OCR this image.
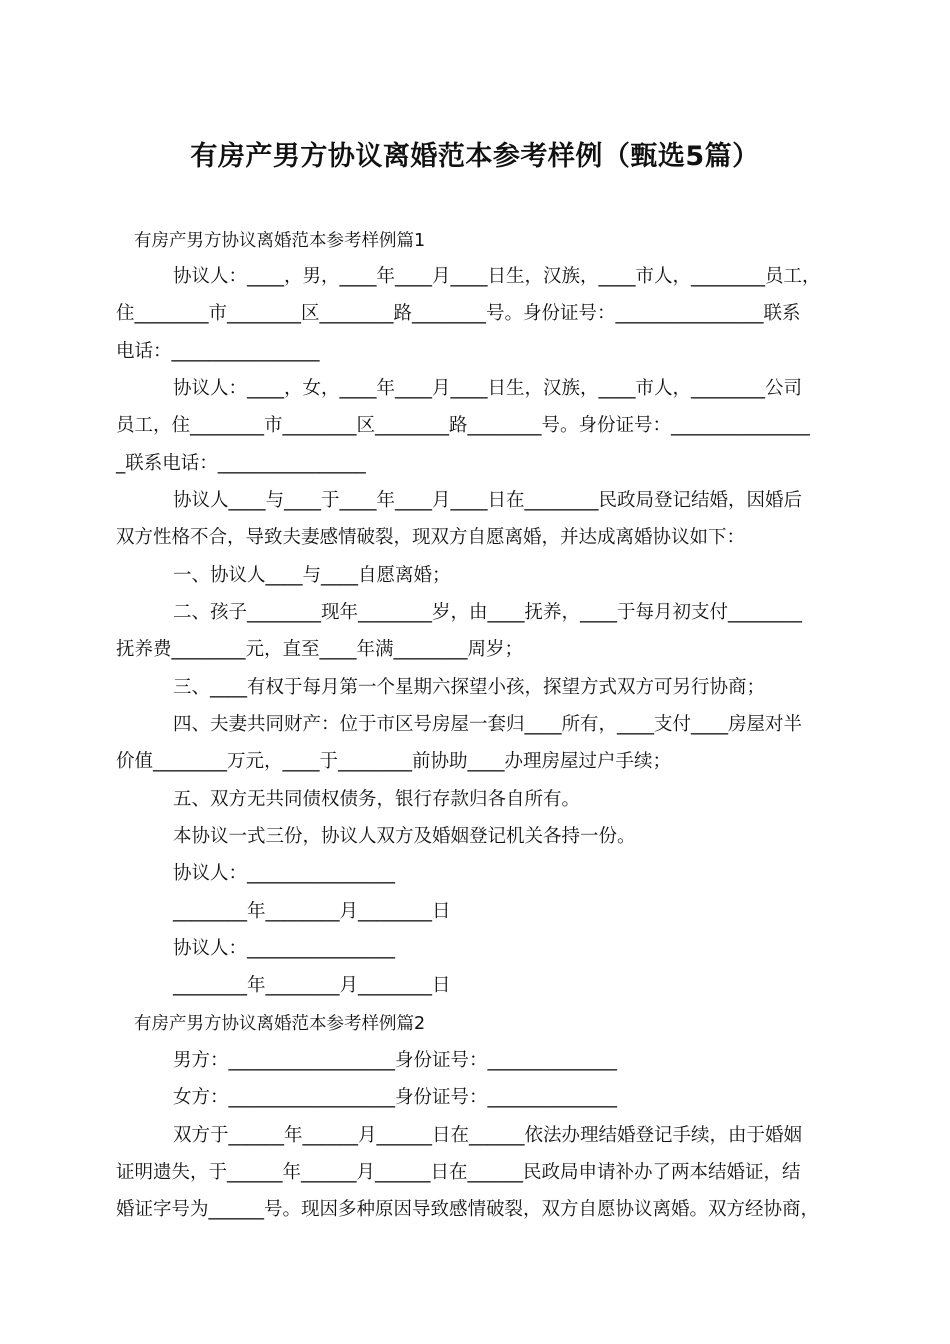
有房产男方协议离婚范本参考样例（甄选5篇）
有房产男方协议离婚范本参考样例篇1
协议人：____，男，____年____月____日生，汉族，____市人，________员工，
住________市________区________路________号。身份证号：________________联系
电话：________________
协议人：____，女，____年____月____日生，汉族，____市人，________公司
员工，住________市________区________路________号。身份证号：_______________
_联系电话：________________
协议人____与____于____年____月____日在________民政局登记结婚，因婚后
双方性格不合，导致夫妻感情破裂，现双方自愿离婚，并达成离婚协议如下：
一、协议人____与____自愿离婚；
二、孩子________现年________岁，由____抚养，____于每月初支付________
抚养费________元，直至____年满________周岁；
三、____有权于每月第一个星期六探望小孩，探望方式双方可另行协商；
四、夫妻共同财产：位于市区号房屋一套归____所有，____支付____房屋对半
价值________万元，____于________前协助____办理房屋过户手续；
五、双方无共同债权债务，银行存款归各自所有。
本协议一式三份，协议人双方及婚姻登记机关各持一份。
协议人：________________
________年________月________日
协议人：________________
________年________月________日
有房产男方协议离婚范本参考样例篇2
男方：__________________身份证号：______________
女方：__________________身份证号：______________
双方于______年______月______日在______依法办理结婚登记手续，由于婚姻
证明遗失，于______年______月______日在______民政局申请补办了两本结婚证，结
婚证字号为______号。现因多种原因导致感情破裂，双方自愿协议离婚。双方经协商，
